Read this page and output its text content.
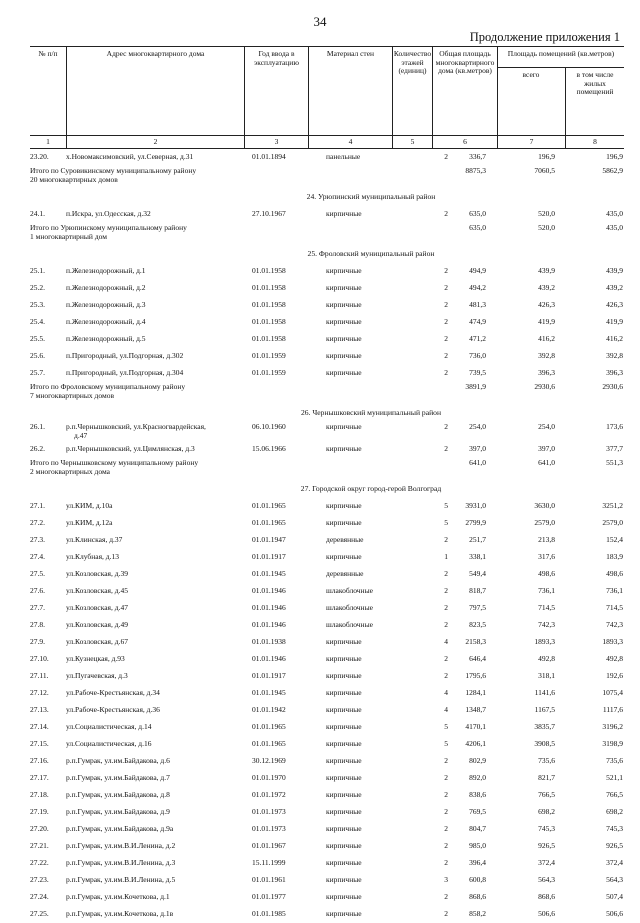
34
Продолжение приложения 1
№ п/п	Адрес многоквартирного дома	Год ввода в эксплуатацию
Материал стен	Количество этажей (единиц)
Общая площадь многоквартирного дома (кв.метров)
Площадь помещений (кв.метров)
всего	в том числе жилых помещений
1	2	3	4	5	6	7	8
23.20. х.Новомаксимовский, ул.Северная, д.31	01.01.1894	панельные	2	336,7	196,9	196,9
Итого по Суровикинскому муниципальному району
20 многоквартирных домов
8875,3	7060,5	5862,9
24. Урюпинский муниципальный район
24.1.	п.Искра, ул.Одесская, д.32	27.10.1967	кирпичные	2	635,0	520,0	435,0
Итого по Урюпинскому муниципальному району
1 многоквартирный дом
635,0	520,0	435,0
25. Фроловский муниципальный район
25.1.	п.Железнодорожный, д.1	01.01.1958	кирпичные	2	494,9	439,9	439,9
25.2.	п.Железнодорожный, д.2	01.01.1958	кирпичные	2	494,2	439,2	439,2
25.3.	п.Железнодорожный, д.3	01.01.1958	кирпичные	2	481,3	426,3	426,3
25.4.	п.Железнодорожный, д.4	01.01.1958	кирпичные	2	474,9	419,9	419,9
25.5.	п.Железнодорожный, д.5	01.01.1958	кирпичные	2	471,2	416,2	416,2
25.6.	п.Пригородный, ул.Подгорная, д.302	01.01.1959	кирпичные	2	736,0	392,8	392,8
25.7.	п.Пригородный, ул.Подгорная, д.304	01.01.1959	кирпичные	2	739,5	396,3	396,3
Итого по Фроловскому муниципальному району
7 многоквартирных домов
3891,9	2930,6	2930,6
26. Чернышковский муниципальный район
26.1.	р.п.Чернышковский, ул.Красногвардейская,	06.10.1960	кирпичные	2	254,0	254,0	173,6
д.47
26.2.	р.п.Чернышковский, ул.Цимлянская, д.3	15.06.1966	кирпичные	2	397,0	397,0	377,7
Итого по Чернышковскому муниципальному району
2 многоквартирных дома
641,0	641,0	551,3
27. Городской округ город-герой Волгоград
27.1.	ул.КИМ, д.10а	01.01.1965	кирпичные	5	3931,0	3630,0	3251,2
27.2.	ул.КИМ, д.12а	01.01.1965	кирпичные	5	2799,9	2579,0	2579,0
27.3.	ул.Клинская, д.37	01.01.1947	деревянные	2	251,7	213,8	152,4
27.4.	ул.Клубная, д.13	01.01.1917	кирпичные	1	338,1	317,6	183,9
27.5.	ул.Козловская, д.39	01.01.1945	деревянные	2	549,4	498,6	498,6
27.6.	ул.Козловская, д.45	01.01.1946	шлакоблочные	2	818,7	736,1	736,1
27.7.	ул.Козловская, д.47	01.01.1946	шлакоблочные	2	797,5	714,5	714,5
27.8.	ул.Козловская, д.49	01.01.1946	шлакоблочные	2	823,5	742,3	742,3
27.9.	ул.Козловская, д.67	01.01.1938	кирпичные	4	2158,3	1893,3	1893,3
27.10. ул.Кузнецкая, д.93	01.01.1946	кирпичные	2	646,4	492,8	492,8
27.11. ул.Пугачевская, д.3	01.01.1917	кирпичные	2	1795,6	318,1	192,6
27.12. ул.Рабоче-Крестьянская, д.34	01.01.1945	кирпичные	4	1284,1	1141,6	1075,4
27.13. ул.Рабоче-Крестьянская, д.36	01.01.1942	кирпичные	4	1348,7	1167,5	1117,6
27.14. ул.Социалистическая, д.14	01.01.1965	кирпичные	5	4170,1	3835,7	3196,2
27.15. ул.Социалистическая, д.16	01.01.1965	кирпичные	5	4206,1	3908,5	3198,9
27.16. р.п.Гумрак, ул.им.Байдакова, д.6	30.12.1969	кирпичные	2	802,9	735,6	735,6
27.17. р.п.Гумрак, ул.им.Байдакова, д.7	01.01.1970	кирпичные	2	892,0	821,7	521,1
27.18. р.п.Гумрак, ул.им.Байдакова, д.8	01.01.1972	кирпичные	2	838,6	766,5	766,5
27.19. р.п.Гумрак, ул.им.Байдакова, д.9	01.01.1973	кирпичные	2	769,5	698,2	698,2
27.20. р.п.Гумрак, ул.им.Байдакова, д.9а	01.01.1973	кирпичные	2	804,7	745,3	745,3
27.21. р.п.Гумрак, ул.им.В.И.Ленина, д.2	01.01.1967	кирпичные	2	985,0	926,5	926,5
27.22. р.п.Гумрак, ул.им.В.И.Ленина, д.3	15.11.1999	кирпичные	2	396,4	372,4	372,4
27.23. р.п.Гумрак, ул.им.В.И.Ленина, д.5	01.01.1961	кирпичные	3	600,8	564,3	564,3
27.24. р.п.Гумрак, ул.им.Кочеткова, д.1	01.01.1977	кирпичные	2	868,6	868,6	507,4
27.25. р.п.Гумрак, ул.им.Кочеткова, д.1в	01.01.1985	кирпичные	2	858,2	506,6	506,6
